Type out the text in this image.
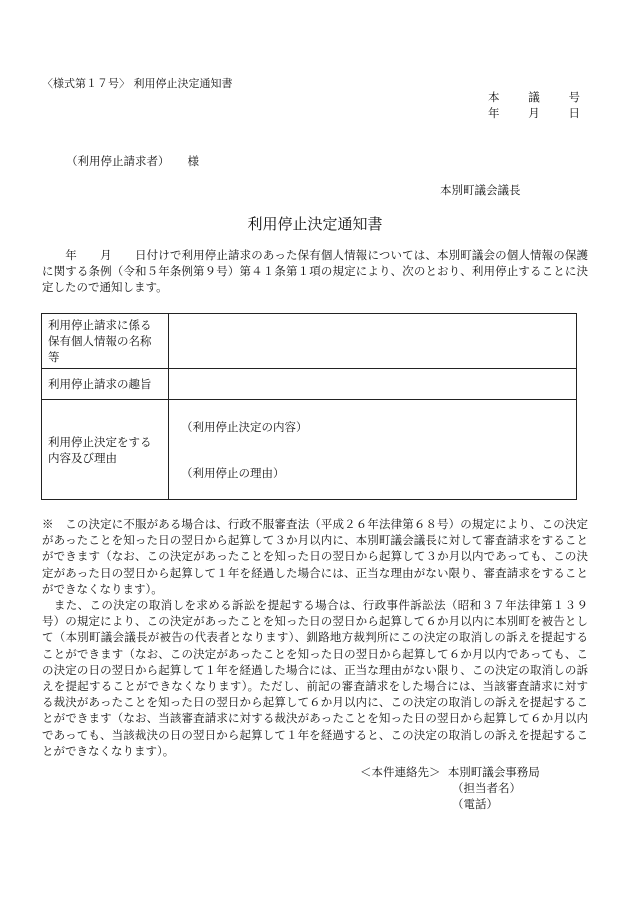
〈様式第１７号〉 利用停止決定通知書
本	議	号
年	月	日
（利用停止請求者） 様
本別町議会議長
利用停止決定通知書

　　年　　月　　日付けで利用停止請求のあった保有個人情報については、本別町議会の個人情報の保護に関する条例（令和５年条例第９号）第４１条第１項の規定により、次のとおり、利用停止することに決定したので通知します。

利用停止請求に係る保有個人情報の名称等	
利用停止請求の趣旨	
利用停止決定をする内容及び理由	（利用停止決定の内容）
（利用停止の理由）

※　この決定に不服がある場合は、行政不服審査法（平成２６年法律第６８号）の規定により、この決定があったことを知った日の翌日から起算して３か月以内に、本別町議会議長に対して審査請求をすることができます（なお、この決定があったことを知った日の翌日から起算して３か月以内であっても、この決定があった日の翌日から起算して１年を経過した場合には、正当な理由がない限り、審査請求をすることができなくなります）。

　また、この決定の取消しを求める訴訟を提起する場合は、行政事件訴訟法（昭和３７年法律第１３９号）の規定により、この決定があったことを知った日の翌日から起算して６か月以内に本別町を被告として（本別町議会議長が被告の代表者となります）、釧路地方裁判所にこの決定の取消しの訴えを提起することができます（なお、この決定があったことを知った日の翌日から起算して６か月以内であっても、この決定の日の翌日から起算して１年を経過した場合には、正当な理由がない限り、この決定の取消しの訴えを提起することができなくなります）。ただし、前記の審査請求をした場合には、当該審査請求に対する裁決があったことを知った日の翌日から起算して６か月以内に、この決定の取消しの訴えを提起することができます（なお、当該審査請求に対する裁決があったことを知った日の翌日から起算して６か月以内であっても、当該裁決の日の翌日から起算して１年を経過すると、この決定の取消しの訴えを提起することができなくなります）。

＜本件連絡先＞ 本別町議会事務局
（担当者名）
（電話）
